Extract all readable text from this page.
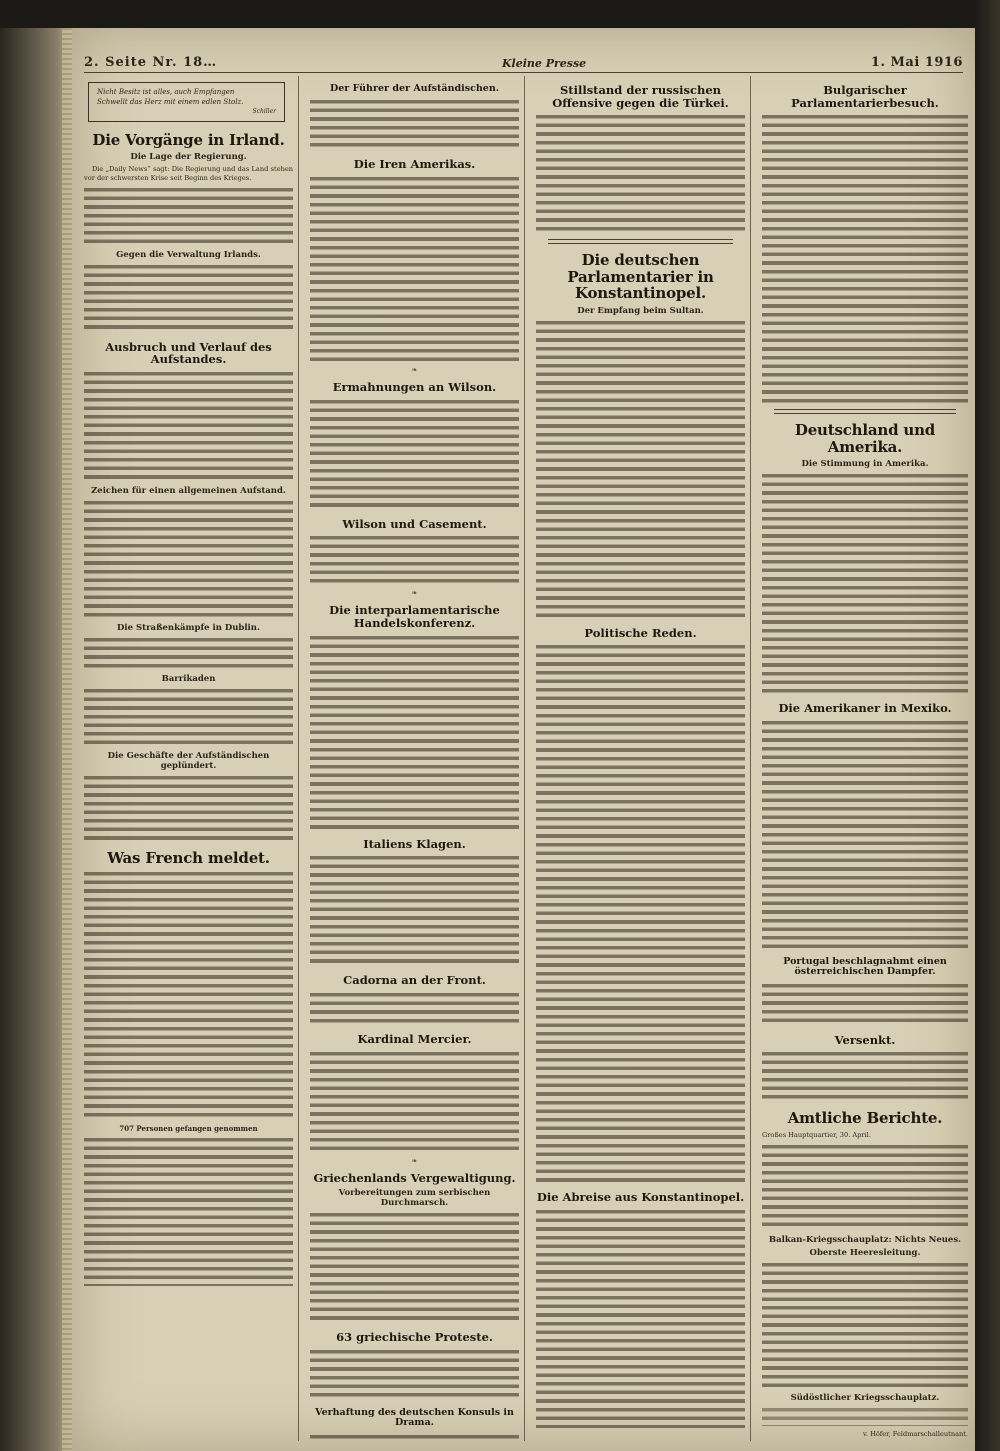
2. Seite Nr. 18…	Kleine Presse	1. Mai 1916
Nicht Besitz ist alles, auch Empfangen
Schwellt das Herz mit einem edlen Stolz.
Schiller
Die Vorgänge in Irland.
Die Lage der Regierung.

Die „Daily News“ sagt: Die Regierung und das Land stehen vor der schwersten Krise seit Beginn des Krieges.

Gegen die Verwaltung Irlands.
Ausbruch und Verlauf des Aufstandes.
Zeichen für einen allgemeinen Aufstand.
Die Straßenkämpfe in Dublin.
Barrikaden
Die Geschäfte der Aufständischen geplündert.
Was French meldet.
707 Personen gefangen genommen
Der Führer der Aufständischen.
Die Iren Amerikas.
❧
Ermahnungen an Wilson.
Wilson und Casement.
❧
Die interparlamentarische Handelskonferenz.
Italiens Klagen.
Cadorna an der Front.
Kardinal Mercier.
❧
Griechenlands Vergewaltigung.
Vorbereitungen zum serbischen Durchmarsch.
63 griechische Proteste.
Verhaftung des deutschen Konsuls in Drama.
Stillstand der russischen Offensive gegen die Türkei.
Die deutschen Parlamentarier in Konstantinopel.
Der Empfang beim Sultan.
Politische Reden.
Die Abreise aus Konstantinopel.
Bulgarischer Parlamentarierbesuch.
Deutschland und Amerika.
Die Stimmung in Amerika.
Die Amerikaner in Mexiko.
Portugal beschlagnahmt einen österreichischen Dampfer.
Versenkt.
Amtliche Berichte.

Großes Hauptquartier, 30. April.

Balkan-Kriegsschauplatz: Nichts Neues.
Oberste Heeresleitung.
Südöstlicher Kriegsschauplatz.

v. Höfer, Feldmarschalleutnant.
